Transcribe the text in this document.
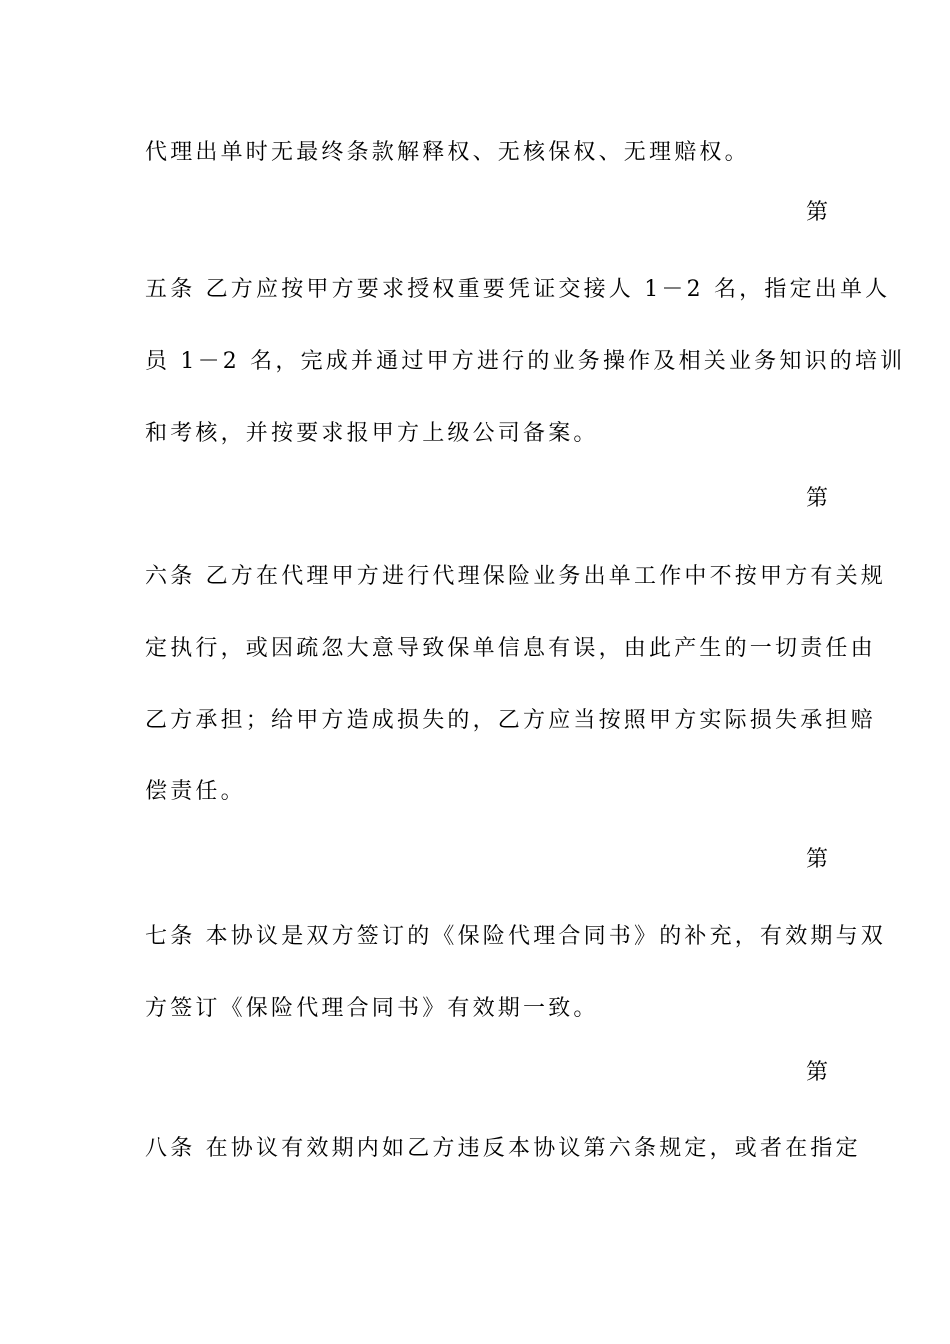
代理出单时无最终条款解释权、无核保权、无理赔权。
第
五条 乙方应按甲方要求授权重要凭证交接人 1－2 名，指定出单人
员 1－2 名，完成并通过甲方进行的业务操作及相关业务知识的培训
和考核，并按要求报甲方上级公司备案。
第
六条 乙方在代理甲方进行代理保险业务出单工作中不按甲方有关规
定执行，或因疏忽大意导致保单信息有误，由此产生的一切责任由
乙方承担；给甲方造成损失的，乙方应当按照甲方实际损失承担赔
偿责任。
第
七条 本协议是双方签订的《保险代理合同书》的补充，有效期与双
方签订《保险代理合同书》有效期一致。
第
八条 在协议有效期内如乙方违反本协议第六条规定，或者在指定
